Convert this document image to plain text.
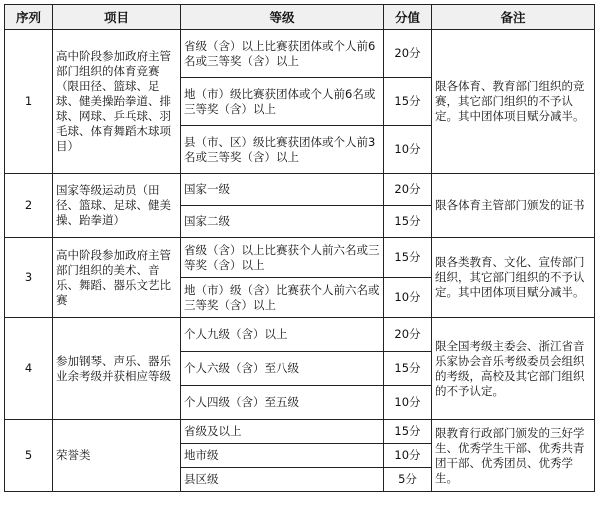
序列	项目	等级	分值	备注
1	高中阶段参加政府主管部门组织的体育竞赛（限田径、篮球、足球、健美操跆拳道、排球、网球、乒乓球、羽毛球、体育舞蹈木球项目）	省级（含）以上比赛获团体或个人前6名或三等奖（含）以上	20分	限各体育、教育部门组织的竞赛，其它部门组织的不予认定。其中团体项目赋分减半。
		地（市）级比赛获团体或个人前6名或三等奖（含）以上	15分	
		县（市、区）级比赛获团体或个人前3名或三等奖（含）以上	10分	
2	国家等级运动员（田径、篮球、足球、健美操、跆拳道）	国家一级	20分	限各体育主管部门颁发的证书
		国家二级	15分	
3	高中阶段参加政府主管部门组织的美术、音乐、舞蹈、器乐文艺比赛	省级（含）以上比赛获个人前六名或三等奖（含）以上	15分	限各类教育、文化、宣传部门组织，其它部门组织的不予认定。其中团体项目赋分减半。
		地（市）级（含）比赛获个人前六名或三等奖（含）以上	10分	
4	参加钢琴、声乐、器乐业余考级并获相应等级	个人九级（含）以上	20分	限全国考级主委会、浙江省音乐家协会音乐考级委员会组织的考级，高校及其它部门组织的不予认定。
		个人六级（含）至八级	15分	
		个人四级（含）至五级	10分	
5	荣誉类	省级及以上	15分	限教育行政部门颁发的三好学生、优秀学生干部、优秀共青团干部、优秀团员、优秀学生。
		地市级	10分	
		县区级	5分	
